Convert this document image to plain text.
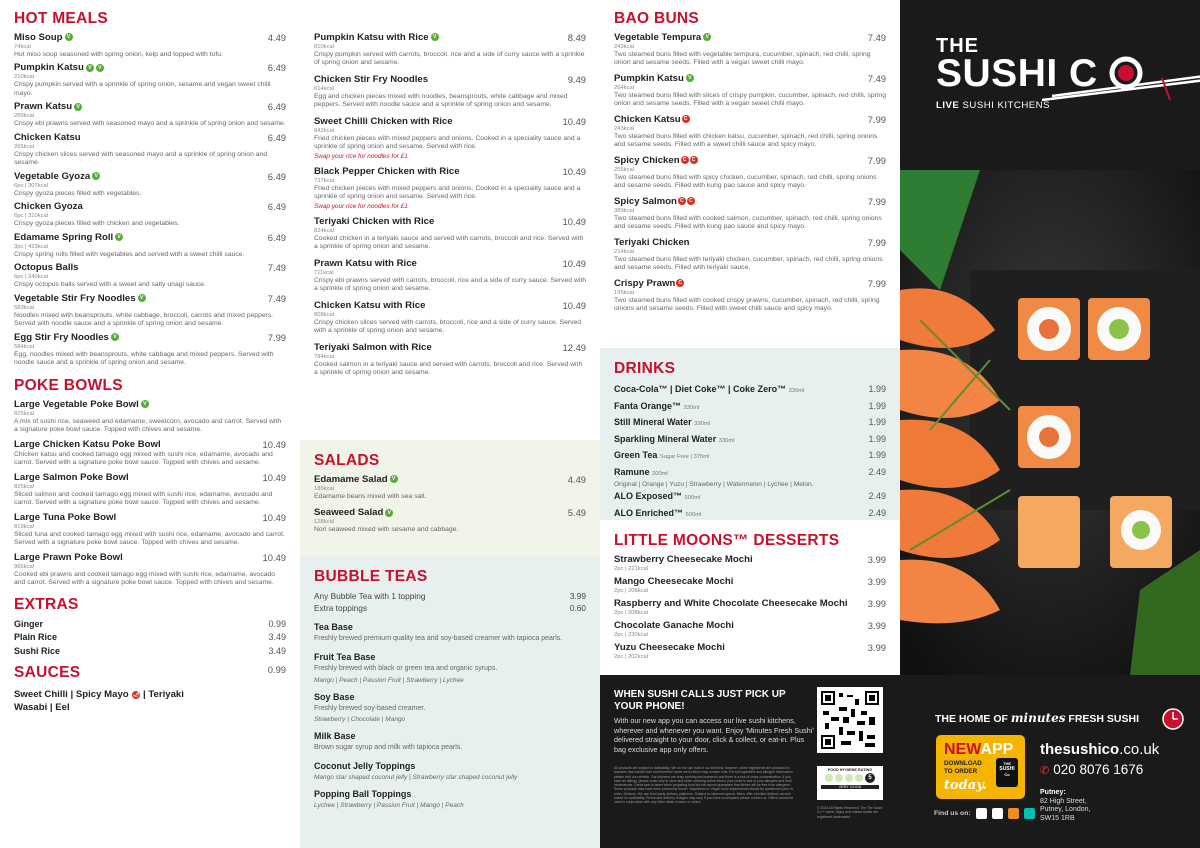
HOT MEALS
Miso Soup V	4.49
74kcal
Hot miso soup seasoned with spring onion, kelp and topped with tofu.
Pumpkin Katsu V V	6.49
210kcal
Crispy pumpkin served with a sprinkle of spring onion, sesame and vegan sweet chilli mayo.
Prawn Katsu V	6.49
289kcal
Crispy ebi prawns served with seasoned mayo and a sprinkle of spring onion and sesame.
Chicken Katsu	6.49
265kcal
Crispy chicken slices served with seasoned mayo and a sprinkle of spring onion and sesame.
Vegetable Gyoza V	6.49
6pc | 307kcal
Crispy gyoza pieces filled with vegetables.
Chicken Gyoza	6.49
6pc | 310kcal
Crispy gyoza pieces filled with chicken and vegetables.
Edamame Spring Roll V	6.49
3pc | 423kcal
Crispy spring rolls filled with vegetables and served with a sweet chilli sauce.
Octopus Balls	7.49
6pc | 240kcal
Crispy octopus balls served with a sweet and salty unagi sauce.
Vegetable Stir Fry Noodles V	7.49
583kcal
Noodles mixed with beansprouts, white cabbage, broccoli, carrots and mixed peppers. Served with noodle sauce and a sprinkle of spring onion and sesame.
Egg Stir Fry Noodles V	7.99
584kcal
Egg, noodles mixed with beansprouts, white cabbage and mixed peppers. Served with noodle sauce and a sprinkle of spring onion and sesame.
POKE BOWLS
Large Vegetable Poke Bowl V
825kcal
A mix of sushi rice, seaweed and edamame, sweetcorn, avocado and carrot. Served with a signature poke bowl sauce. Topped with chives and sesame.
Large Chicken Katsu Poke Bowl	10.49
Chicken katsu and cooked tamago egg mixed with sushi rice, edamame, avocado and carrot. Served with a signature poke bowl sauce. Topped with chives and sesame.
Large Salmon Poke Bowl	10.49
825kcal
Sliced salmon and cooked tamago egg mixed with sushi rice, edamame, avocado and carrot. Served with a signature poke bowl sauce. Topped with chives and sesame.
Large Tuna Poke Bowl	10.49
819kcal
Sliced tuna and cooked tamago egg mixed with sushi rice, edamame, avocado and carrot. Served with a signature poke bowl sauce. Topped with chives and sesame.
Large Prawn Poke Bowl	10.49
965kcal
Cooked ebi prawns and cooked tamago egg mixed with sushi rice, edamame, avocado and carrot. Served with a signature poke bowl sauce. Topped with chives and sesame.
EXTRAS
Ginger	0.99
Plain Rice	3.49
Sushi Rice	3.49
SAUCES	0.99
Sweet Chilli | Spicy Mayo 🌶 | Teriyaki
Wasabi | Eel
Pumpkin Katsu with Rice V	8.49
810kcal
Crispy pumpkin served with carrots, broccoli, rice and a side of curry sauce with a sprinkle of spring onion and sesame.
Chicken Stir Fry Noodles	9.49
614kcal
Egg and chicken pieces mixed with noodles, beansprouts, white cabbage and mixed peppers. Served with noodle sauce and a sprinkle of spring onion and sesame.
Sweet Chilli Chicken with Rice	10.49
842kcal
Fried chicken pieces with mixed peppers and onions. Cooked in a speciality sauce and a sprinkle of spring onion and sesame. Served with rice.
Swap your rice for noodles for £1
Black Pepper Chicken with Rice	10.49
737kcal
Fried chicken pieces with mixed peppers and onions. Cooked in a speciality sauce and a sprinkle of spring onion and sesame. Served with rice.
Swap your rice for noodles for £1
Teriyaki Chicken with Rice	10.49
824kcal
Cooked chicken in a teriyaki sauce and served with carrots, broccoli and rice. Served with a sprinkle of spring onion and sesame.
Prawn Katsu with Rice	10.49
711kcal
Crispy ebi prawns served with carrots, broccoli, rice and a side of curry sauce. Served with a sprinkle of spring onion and sesame.
Chicken Katsu with Rice	10.49
808kcal
Crispy chicken slices served with carrots, broccoli, rice and a side of curry sauce. Served with a sprinkle of spring onion and sesame.
Teriyaki Salmon with Rice	12.49
784kcal
Cooked salmon in a teriyaki sauce and served with carrots, broccoli and rice. Served with a sprinkle of spring onion and sesame.
SALADS
Edamame Salad V	4.49
185kcal
Edamame beans mixed with sea salt.
Seaweed Salad V	5.49
128kcal
Nori seaweed mixed with sesame and cabbage.
BUBBLE TEAS
Any Bubble Tea with 1 topping	3.99
Extra toppings	0.60
Tea Base
Freshly brewed premium quality tea and soy-based creamer with tapioca pearls.
Fruit Tea Base
Freshly brewed with black or green tea and organic syrups.
Mango | Peach | Passion Fruit | Strawberry | Lychee
Soy Base
Freshly brewed soy-based creamer.
Strawberry | Chocolate | Mango
Milk Base
Brown sugar syrup and milk with tapioca pearls.
Coconut Jelly Toppings
Mango star shaped coconut jelly | Strawberry star shaped coconut jelly
Popping Ball Toppings
Lychee | Strawberry | Passion Fruit | Mango | Peach
BAO BUNS
Vegetable Tempura V	7.49
243kcal
Two steamed buns filled with vegetable tempura, cucumber, spinach, red chilli, spring onion and sesame seeds. Filled with a vegan sweet chilli mayo.
Pumpkin Katsu V	7.49
264kcal
Two steamed buns filled with slices of crispy pumpkin, cucumber, spinach, red chilli, spring onion and sesame seeds. Filled with a vegan sweet chilli mayo.
Chicken Katsu C	7.99
243kcal
Two steamed buns filled with chicken katsu, cucumber, spinach, red chilli, spring onions and sesame seeds. Filled with a sweet chilli sauce and spicy mayo.
Spicy Chicken C C	7.99
255kcal
Two steamed buns filled with spicy chicken, cucumber, spinach, red chilli, spring onions and sesame seeds. Filled with kung pao sauce and spicy mayo.
Spicy Salmon C C	7.99
389kcal
Two steamed buns filled with cooked salmon, cucumber, spinach, red chilli, spring onions and sesame seeds. Filled with kung pao sauce and spicy mayo.
Teriyaki Chicken	7.99
214kcal
Two steamed buns filled with teriyaki chicken, cucumber, spinach, red chilli, spring onions and sesame seeds. Filled with teriyaki sauce.
Crispy Prawn C	7.99
195kcal
Two steamed buns filled with cooked crispy prawns, cucumber, spinach, red chilli, spring onions and sesame seeds. Filled with sweet chilli sauce and spicy mayo.
DRINKS
Coca-Cola™ | Diet Coke™ | Coke Zero™ 330ml	1.99
Fanta Orange™ 330ml	1.99
Still Mineral Water 330ml	1.99
Sparkling Mineral Water 330ml	1.99
Green Tea Sugar Free | 375ml	1.99
Ramune 200ml	2.49
Original | Orange | Yuzu | Strawberry | Watermelon | Lychee | Melon.
ALO Exposed™ 500ml	2.49
ALO Enriched™ 500ml	2.49
LITTLE MOONS™ DESSERTS
Strawberry Cheesecake Mochi	3.99
2pc | 221kcal
Mango Cheesecake Mochi	3.99
2pc | 208kcal
Raspberry and White Chocolate Cheesecake Mochi	3.99
2pc | 208kcal
Chocolate Ganache Mochi	3.99
2pc | 230kcal
Yuzu Cheesecake Mochi	3.99
2pc | 202kcal
THE
SUSHI C
LIVE SUSHI KITCHENS
WHEN SUSHI CALLS JUST PICK UP YOUR PHONE!
With our new app you can access our live sushi kitchens, wherever and whenever you want. Enjoy 'Minutes Fresh Sushi' delivered straight to your door, click & collect, or eat-in. Plus bag exclusive app only offers.
All products are subject to availability. We do not use nuts in our kitchens; however, some ingredients are produced in factories that handle nuts and therefore some menu items may contain nuts. For full ingredient and allergen information please visit our website. Our kitchens are busy working environments and there is a risk of cross-contamination. If you have an allergy, please order only in store and when ordering online inform your order to ask of your allergies and food intolerances. Great care is taken when preparing food but we cannot guarantee that dishes will be free from allergens. Some products may have been previously frozen. Vegetarian or Vegan food requirements should be questioned prior to order. Delivery: We use third-party delivery platforms. Subject to minimum spend. Menu offer a limited delivery service based on availability. Prices and delivery charges may vary. If you have a complaint please contact us. Offers cannot be used in conjunction with any other deals in-store or online.
FOOD HYGIENE RATING
5
VERY GOOD
© 2023 All Rights Reserved. The The Sushi Co™ name, logos and related marks are registered trademarks.	Find us on:
THE HOME OF minutes FRESH SUSHI
NEWAPP
DOWNLOAD
TO ORDER
today.
THE
SUSHI
Co
thesushico.co.uk
✆ 020 8076 1676
Putney:
82 High Street,
Putney, London,
SW15 1RB
